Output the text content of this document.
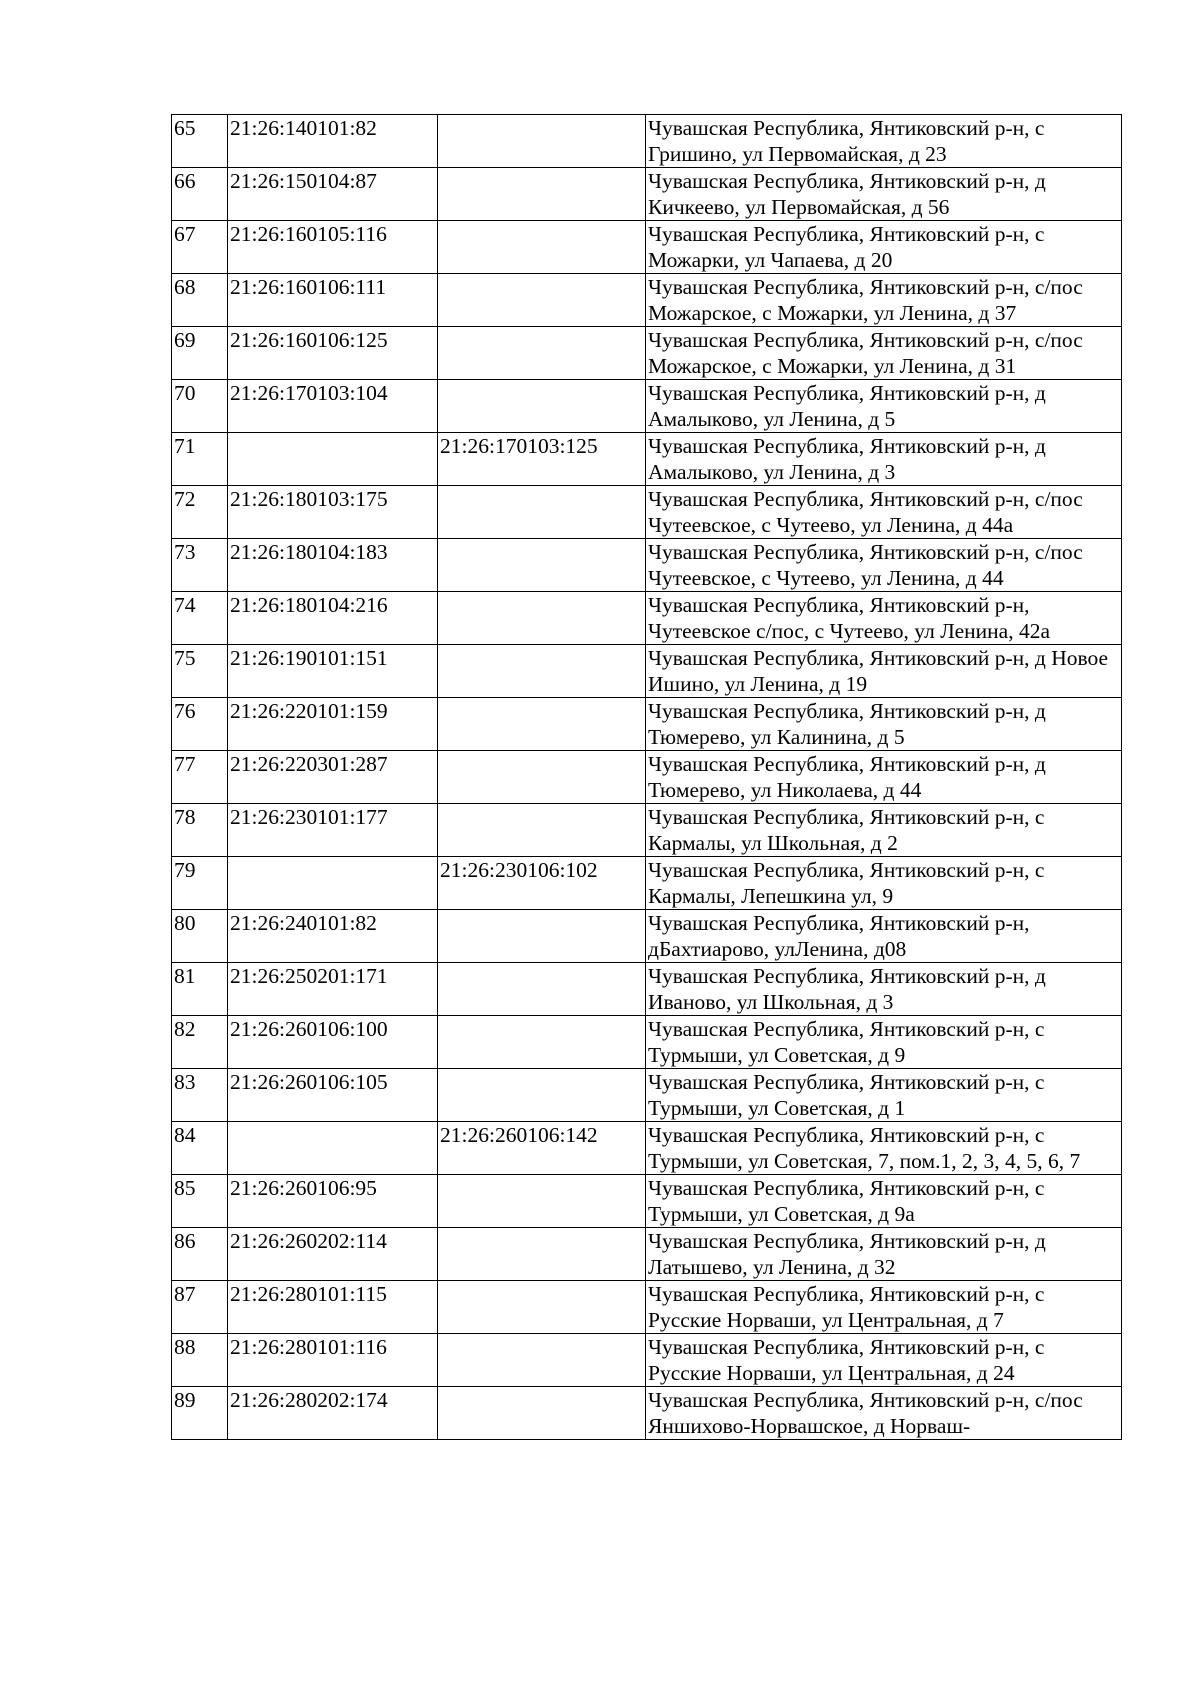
65	21:26:140101:82		Чувашская Республика, Янтиковский р-н, с Гришино, ул Первомайская, д 23
66	21:26:150104:87		Чувашская Республика, Янтиковский р-н, д Кичкеево, ул Первомайская, д 56
67	21:26:160105:116		Чувашская Республика, Янтиковский р-н, с Можарки, ул Чапаева, д 20
68	21:26:160106:111		Чувашская Республика, Янтиковский р-н, с/пос Можарское, с Можарки, ул Ленина, д 37
69	21:26:160106:125		Чувашская Республика, Янтиковский р-н, с/пос Можарское, с Можарки, ул Ленина, д 31
70	21:26:170103:104		Чувашская Республика, Янтиковский р-н, д Амалыково, ул Ленина, д 5
71		21:26:170103:125	Чувашская Республика, Янтиковский р-н, д Амалыково, ул Ленина, д 3
72	21:26:180103:175		Чувашская Республика, Янтиковский р-н, с/пос Чутеевское, с Чутеево, ул Ленина, д 44а
73	21:26:180104:183		Чувашская Республика, Янтиковский р-н, с/пос Чутеевское, с Чутеево, ул Ленина, д 44
74	21:26:180104:216		Чувашская Республика, Янтиковский р-н, Чутеевское с/пос, с Чутеево, ул Ленина, 42а
75	21:26:190101:151		Чувашская Республика, Янтиковский р-н, д Новое Ишино, ул Ленина, д 19
76	21:26:220101:159		Чувашская Республика, Янтиковский р-н, д Тюмерево, ул Калинина, д 5
77	21:26:220301:287		Чувашская Республика, Янтиковский р-н, д Тюмерево, ул Николаева, д 44
78	21:26:230101:177		Чувашская Республика, Янтиковский р-н, с Кармалы, ул Школьная, д 2
79		21:26:230106:102	Чувашская Республика, Янтиковский р-н, с Кармалы, Лепешкина ул, 9
80	21:26:240101:82		Чувашская Республика, Янтиковский р-н, дБахтиарово, улЛенина, д08
81	21:26:250201:171		Чувашская Республика, Янтиковский р-н, д Иваново, ул Школьная, д 3
82	21:26:260106:100		Чувашская Республика, Янтиковский р-н, с Турмыши, ул Советская, д 9
83	21:26:260106:105		Чувашская Республика, Янтиковский р-н, с Турмыши, ул Советская, д 1
84		21:26:260106:142	Чувашская Республика, Янтиковский р-н, с Турмыши, ул Советская, 7, пом.1, 2, 3, 4, 5, 6, 7
85	21:26:260106:95		Чувашская Республика, Янтиковский р-н, с Турмыши, ул Советская, д 9а
86	21:26:260202:114		Чувашская Республика, Янтиковский р-н, д Латышево, ул Ленина, д 32
87	21:26:280101:115		Чувашская Республика, Янтиковский р-н, с Русские Норваши, ул Центральная, д 7
88	21:26:280101:116		Чувашская Республика, Янтиковский р-н, с Русские Норваши, ул Центральная, д 24
89	21:26:280202:174		Чувашская Республика, Янтиковский р-н, с/пос Яншихово-Норвашское, д Норваш-
